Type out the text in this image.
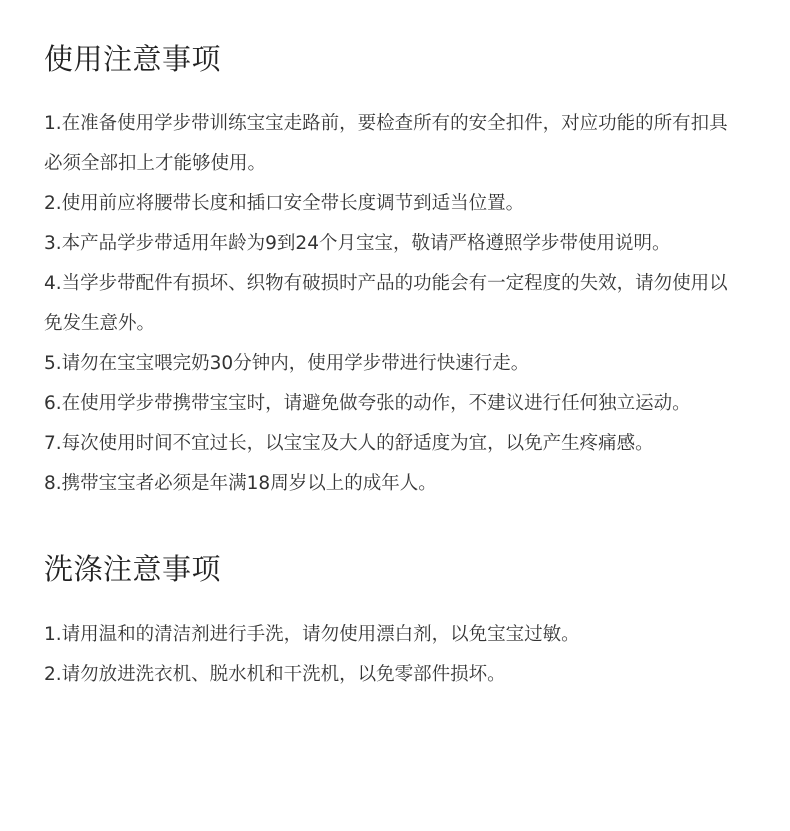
使用注意事项
1.在准备使用学步带训练宝宝走路前，要检查所有的安全扣件，对应功能的所有扣具必须全部扣上才能够使用。
2.使用前应将腰带长度和插口安全带长度调节到适当位置。
3.本产品学步带适用年龄为9到24个月宝宝，敬请严格遵照学步带使用说明。
4.当学步带配件有损坏、织物有破损时产品的功能会有一定程度的失效，请勿使用以免发生意外。
5.请勿在宝宝喂完奶30分钟内，使用学步带进行快速行走。
6.在使用学步带携带宝宝时，请避免做夸张的动作，不建议进行任何独立运动。
7.每次使用时间不宜过长，以宝宝及大人的舒适度为宜，以免产生疼痛感。
8.携带宝宝者必须是年满18周岁以上的成年人。
洗涤注意事项
1.请用温和的清洁剂进行手洗，请勿使用漂白剂，以免宝宝过敏。
2.请勿放进洗衣机、脱水机和干洗机，以免零部件损坏。
